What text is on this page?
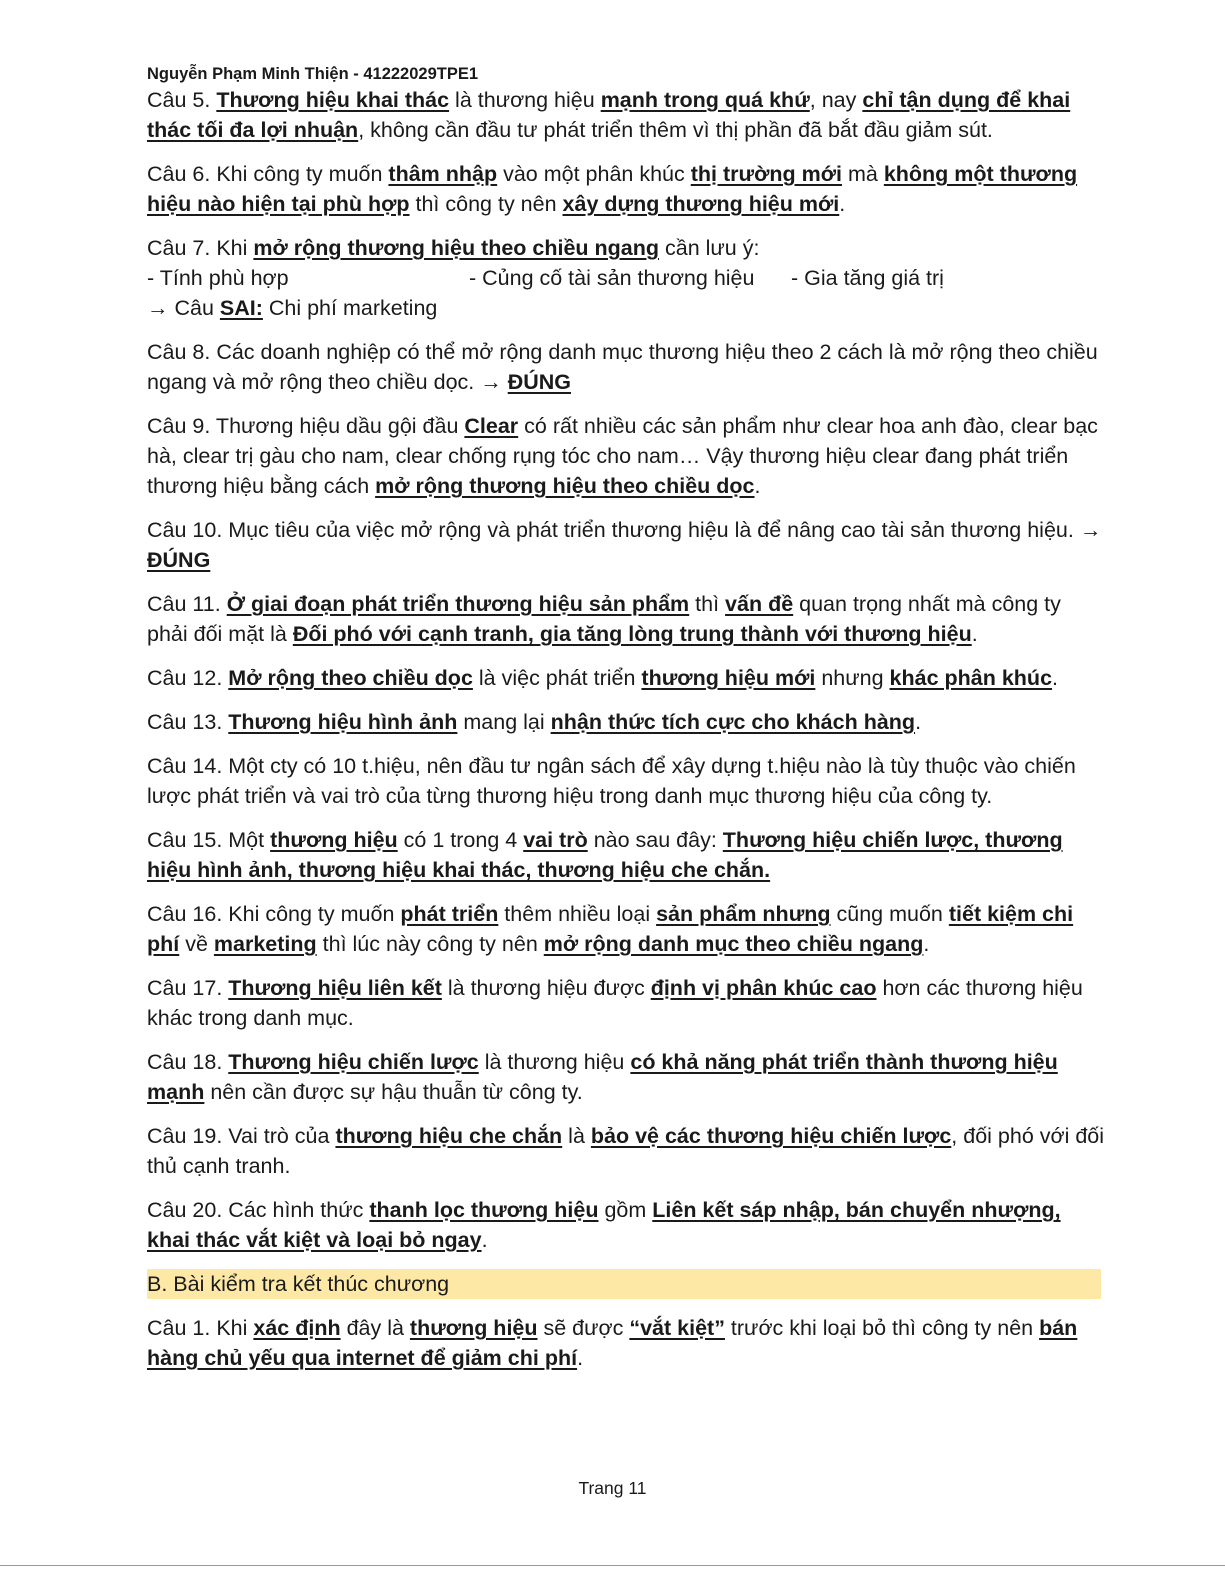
Nguyễn Phạm Minh Thiện - 41222029TPE1

Câu 5. Thương hiệu khai thác là thương hiệu mạnh trong quá khứ, nay chỉ tận dụng để khai thác tối đa lợi nhuận, không cần đầu tư phát triển thêm vì thị phần đã bắt đầu giảm sút.

Câu 6. Khi công ty muốn thâm nhập vào một phân khúc thị trường mới mà không một thương hiệu nào hiện tại phù hợp thì công ty nên xây dựng thương hiệu mới.

Câu 7. Khi mở rộng thương hiệu theo chiều ngang cần lưu ý:

- Tính phù hợp	- Củng cố tài sản thương hiệu	- Gia tăng giá trị

→ Câu SAI: Chi phí marketing

Câu 8. Các doanh nghiệp có thể mở rộng danh mục thương hiệu theo 2 cách là mở rộng theo chiều ngang và mở rộng theo chiều dọc. → ĐÚNG

Câu 9. Thương hiệu dầu gội đầu Clear có rất nhiều các sản phẩm như clear hoa anh đào, clear bạc hà, clear trị gàu cho nam, clear chống rụng tóc cho nam… Vậy thương hiệu clear đang phát triển thương hiệu bằng cách mở rộng thương hiệu theo chiều dọc.

Câu 10. Mục tiêu của việc mở rộng và phát triển thương hiệu là để nâng cao tài sản thương hiệu. → ĐÚNG

Câu 11. Ở giai đoạn phát triển thương hiệu sản phẩm thì vấn đề quan trọng nhất mà công ty phải đối mặt là Đối phó với cạnh tranh, gia tăng lòng trung thành với thương hiệu.

Câu 12. Mở rộng theo chiều dọc là việc phát triển thương hiệu mới nhưng khác phân khúc.

Câu 13. Thương hiệu hình ảnh mang lại nhận thức tích cực cho khách hàng.

Câu 14. Một cty có 10 t.hiệu, nên đầu tư ngân sách để xây dựng t.hiệu nào là tùy thuộc vào chiến lược phát triển và vai trò của từng thương hiệu trong danh mục thương hiệu của công ty.

Câu 15. Một thương hiệu có 1 trong 4 vai trò nào sau đây: Thương hiệu chiến lược, thương hiệu hình ảnh, thương hiệu khai thác, thương hiệu che chắn.

Câu 16. Khi công ty muốn phát triển thêm nhiều loại sản phẩm nhưng cũng muốn tiết kiệm chi phí về marketing thì lúc này công ty nên mở rộng danh mục theo chiều ngang.

Câu 17. Thương hiệu liên kết là thương hiệu được định vị phân khúc cao hơn các thương hiệu khác trong danh mục.

Câu 18. Thương hiệu chiến lược là thương hiệu có khả năng phát triển thành thương hiệu mạnh nên cần được sự hậu thuẫn từ công ty.

Câu 19. Vai trò của thương hiệu che chắn là bảo vệ các thương hiệu chiến lược, đối phó với đối thủ cạnh tranh.

Câu 20. Các hình thức thanh lọc thương hiệu gồm Liên kết sáp nhập, bán chuyển nhượng, khai thác vắt kiệt và loại bỏ ngay.

B. Bài kiểm tra kết thúc chương

Câu 1. Khi xác định đây là thương hiệu sẽ được “vắt kiệt” trước khi loại bỏ thì công ty nên bán hàng chủ yếu qua internet để giảm chi phí.

Trang 11
